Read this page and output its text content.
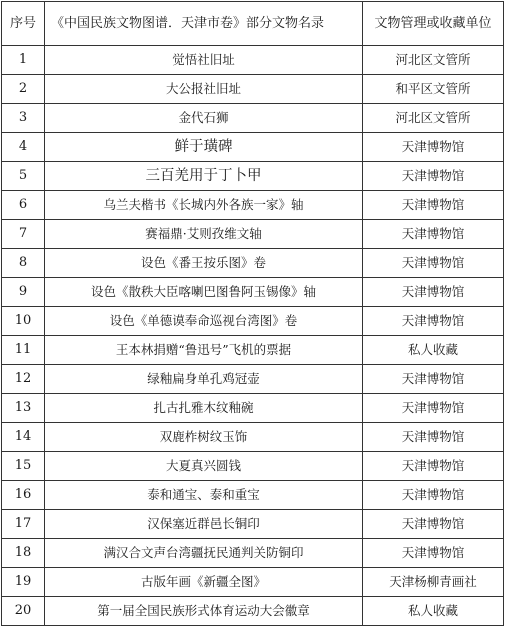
序号	《中国民族文物图谱．天津市卷》部分文物名录	文物管理或收藏单位
1	觉悟社旧址	河北区文管所
2	大公报社旧址	和平区文管所
3	金代石狮	河北区文管所
4	鲜于璜碑	天津博物馆
5	三百羌用于丁卜甲	天津博物馆
6	乌兰夫楷书《长城内外各族一家》轴	天津博物馆
7	赛福鼎·艾则孜维文轴	天津博物馆
8	设色《番王按乐图》卷	天津博物馆
9	设色《散秩大臣喀喇巴图鲁阿玉锡像》轴	天津博物馆
10	设色《单德谟奉命巡视台湾图》卷	天津博物馆
11	王本林捐赠“鲁迅号”飞机的票据	私人收藏
12	绿釉扁身单孔鸡冠壶	天津博物馆
13	扎古扎雅木纹釉碗	天津博物馆
14	双鹿柞树纹玉饰	天津博物馆
15	大夏真兴圆钱	天津博物馆
16	泰和通宝、泰和重宝	天津博物馆
17	汉保塞近群邑长铜印	天津博物馆
18	满汉合文声台湾疆抚民通判关防铜印	天津博物馆
19	古版年画《新疆全图》	天津杨柳青画社
20	第一届全国民族形式体育运动大会徽章	私人收藏
